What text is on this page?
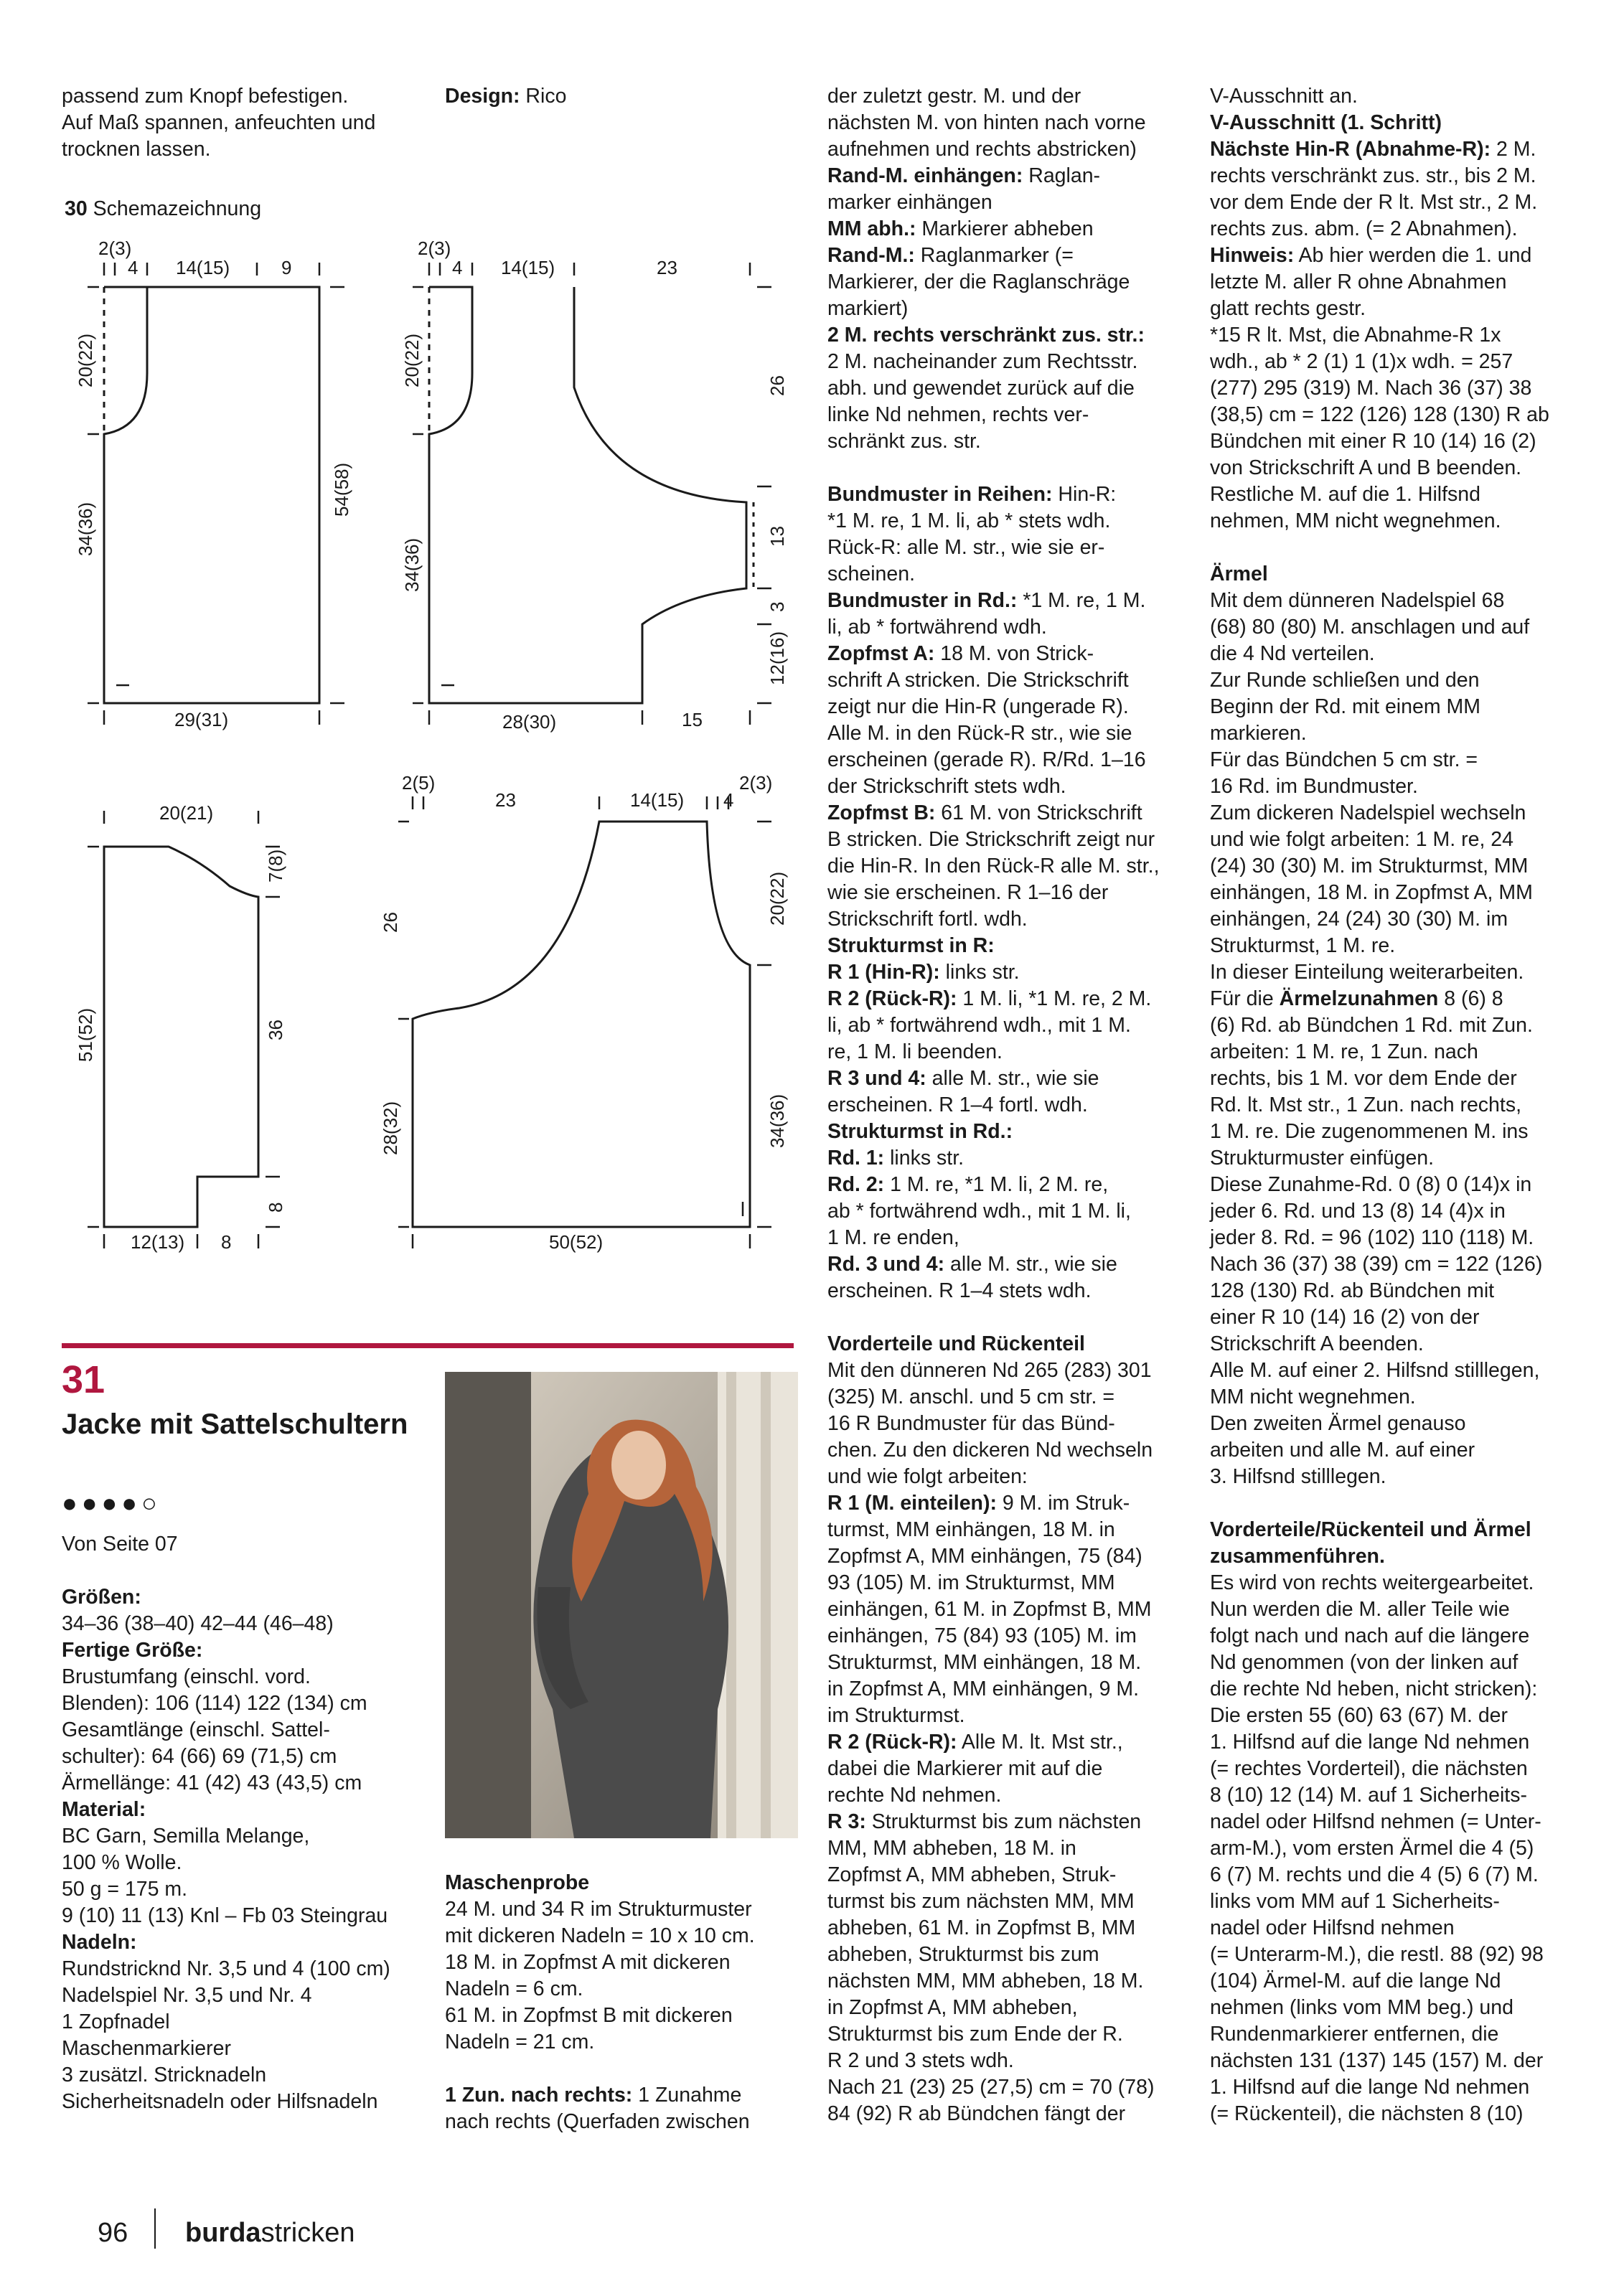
passend zum Knopf befestigen.

Auf Maß spannen, anfeuchten und

trocknen lassen.

Design: Rico

30 Schemazeichnung

2(3)
4 14(15)	9
20(22)
34(36)
54(58)
29(31)
2(3)
4 14(15)	23
20(22)	26
13
34(36)
3
12(16)
28(30)	15
20(21)
7(8)
51(52)	36
8
12(13) 8
2(5)
23	14(15) 4
2(3)
26	20(22)
28(32)	34(36)
50(52)
31
Jacke mit Sattelschultern
●●●●○

Von Seite 07

Größen:

34–36 (38–40) 42–44 (46–48)

Fertige Größe:

Brustumfang (einschl. vord.

Blenden): 106 (114) 122 (134) cm

Gesamtlänge (einschl. Sattel-

schulter): 64 (66) 69 (71,5) cm

Ärmellänge: 41 (42) 43 (43,5) cm

Material:

BC Garn, Semilla Melange,

100 % Wolle.

50 g = 175 m.

9 (10) 11 (13) Knl – Fb 03 Steingrau

Nadeln:

Rundstricknd Nr. 3,5 und 4 (100 cm)

Nadelspiel Nr. 3,5 und Nr. 4

1 Zopfnadel

Maschenmarkierer

3 zusätzl. Stricknadeln

Sicherheitsnadeln oder Hilfsnadeln

Maschenprobe

24 M. und 34 R im Strukturmuster

mit dickeren Nadeln = 10 x 10 cm.

18 M. in Zopfmst A mit dickeren

Nadeln = 6 cm.

61 M. in Zopfmst B mit dickeren

Nadeln = 21 cm.

1 Zun. nach rechts: 1 Zunahme

nach rechts (Querfaden zwischen

der zuletzt gestr. M. und der

nächsten M. von hinten nach vorne

aufnehmen und rechts abstricken)

Rand-M. einhängen: Raglan-

marker einhängen

MM abh.: Markierer abheben

Rand-M.: Raglanmarker (=

Markierer, der die Raglanschräge

markiert)

2 M. rechts verschränkt zus. str.:

2 M. nacheinander zum Rechtsstr.

abh. und gewendet zurück auf die

linke Nd nehmen, rechts ver-

schränkt zus. str.

Bundmuster in Reihen: Hin-R:

*1 M. re, 1 M. li, ab * stets wdh.

Rück-R: alle M. str., wie sie er-

scheinen.

Bundmuster in Rd.: *1 M. re, 1 M.

li, ab * fortwährend wdh.

Zopfmst A: 18 M. von Strick-

schrift A stricken. Die Strickschrift

zeigt nur die Hin-R (ungerade R).

Alle M. in den Rück-R str., wie sie

erscheinen (gerade R). R/Rd. 1–16

der Strickschrift stets wdh.

Zopfmst B: 61 M. von Strickschrift

B stricken. Die Strickschrift zeigt nur

die Hin-R. In den Rück-R alle M. str.,

wie sie erscheinen. R 1–16 der

Strickschrift fortl. wdh.

Strukturmst in R:

R 1 (Hin-R): links str.

R 2 (Rück-R): 1 M. li, *1 M. re, 2 M.

li, ab * fortwährend wdh., mit 1 M.

re, 1 M. li beenden.

R 3 und 4: alle M. str., wie sie

erscheinen. R 1–4 fortl. wdh.

Strukturmst in Rd.:

Rd. 1: links str.

Rd. 2: 1 M. re, *1 M. li, 2 M. re,

ab * fortwährend wdh., mit 1 M. li,

1 M. re enden,

Rd. 3 und 4: alle M. str., wie sie

erscheinen. R 1–4 stets wdh.

Vorderteile und Rückenteil

Mit den dünneren Nd 265 (283) 301

(325) M. anschl. und 5 cm str. =

16 R Bundmuster für das Bünd-

chen. Zu den dickeren Nd wechseln

und wie folgt arbeiten:

R 1 (M. einteilen): 9 M. im Struk-

turmst, MM einhängen, 18 M. in

Zopfmst A, MM einhängen, 75 (84)

93 (105) M. im Strukturmst, MM

einhängen, 61 M. in Zopfmst B, MM

einhängen, 75 (84) 93 (105) M. im

Strukturmst, MM einhängen, 18 M.

in Zopfmst A, MM einhängen, 9 M.

im Strukturmst.

R 2 (Rück-R): Alle M. lt. Mst str.,

dabei die Markierer mit auf die

rechte Nd nehmen.

R 3: Strukturmst bis zum nächsten

MM, MM abheben, 18 M. in

Zopfmst A, MM abheben, Struk-

turmst bis zum nächsten MM, MM

abheben, 61 M. in Zopfmst B, MM

abheben, Strukturmst bis zum

nächsten MM, MM abheben, 18 M.

in Zopfmst A, MM abheben,

Strukturmst bis zum Ende der R.

R 2 und 3 stets wdh.

Nach 21 (23) 25 (27,5) cm = 70 (78)

84 (92) R ab Bündchen fängt der

V-Ausschnitt an.

V-Ausschnitt (1. Schritt)

Nächste Hin-R (Abnahme-R): 2 M.

rechts verschränkt zus. str., bis 2 M.

vor dem Ende der R lt. Mst str., 2 M.

rechts zus. abm. (= 2 Abnahmen).

Hinweis: Ab hier werden die 1. und

letzte M. aller R ohne Abnahmen

glatt rechts gestr.

*15 R lt. Mst, die Abnahme-R 1x

wdh., ab * 2 (1) 1 (1)x wdh. = 257

(277) 295 (319) M. Nach 36 (37) 38

(38,5) cm = 122 (126) 128 (130) R ab

Bündchen mit einer R 10 (14) 16 (2)

von Strickschrift A und B beenden.

Restliche M. auf die 1. Hilfsnd

nehmen, MM nicht wegnehmen.

Ärmel

Mit dem dünneren Nadelspiel 68

(68) 80 (80) M. anschlagen und auf

die 4 Nd verteilen.

Zur Runde schließen und den

Beginn der Rd. mit einem MM

markieren.

Für das Bündchen 5 cm str. =

16 Rd. im Bundmuster.

Zum dickeren Nadelspiel wechseln

und wie folgt arbeiten: 1 M. re, 24

(24) 30 (30) M. im Strukturmst, MM

einhängen, 18 M. in Zopfmst A, MM

einhängen, 24 (24) 30 (30) M. im

Strukturmst, 1 M. re.

In dieser Einteilung weiterarbeiten.

Für die Ärmelzunahmen 8 (6) 8

(6) Rd. ab Bündchen 1 Rd. mit Zun.

arbeiten: 1 M. re, 1 Zun. nach

rechts, bis 1 M. vor dem Ende der

Rd. lt. Mst str., 1 Zun. nach rechts,

1 M. re. Die zugenommenen M. ins

Strukturmuster einfügen.

Diese Zunahme-Rd. 0 (8) 0 (14)x in

jeder 6. Rd. und 13 (8) 14 (4)x in

jeder 8. Rd. = 96 (102) 110 (118) M.

Nach 36 (37) 38 (39) cm = 122 (126)

128 (130) Rd. ab Bündchen mit

einer R 10 (14) 16 (2) von der

Strickschrift A beenden.

Alle M. auf einer 2. Hilfsnd stilllegen,

MM nicht wegnehmen.

Den zweiten Ärmel genauso

arbeiten und alle M. auf einer

3. Hilfsnd stilllegen.

Vorderteile/Rückenteil und Ärmel

zusammenführen.

Es wird von rechts weitergearbeitet.

Nun werden die M. aller Teile wie

folgt nach und nach auf die längere

Nd genommen (von der linken auf

die rechte Nd heben, nicht stricken):

Die ersten 55 (60) 63 (67) M. der

1. Hilfsnd auf die lange Nd nehmen

(= rechtes Vorderteil), die nächsten

8 (10) 12 (14) M. auf 1 Sicherheits-

nadel oder Hilfsnd nehmen (= Unter-

arm-M.), vom ersten Ärmel die 4 (5)

6 (7) M. rechts und die 4 (5) 6 (7) M.

links vom MM auf 1 Sicherheits-

nadel oder Hilfsnd nehmen

(= Unterarm-M.), die restl. 88 (92) 98

(104) Ärmel-M. auf die lange Nd

nehmen (links vom MM beg.) und

Rundenmarkierer entfernen, die

nächsten 131 (137) 145 (157) M. der

1. Hilfsnd auf die lange Nd nehmen

(= Rückenteil), die nächsten 8 (10)

96 burdastricken
